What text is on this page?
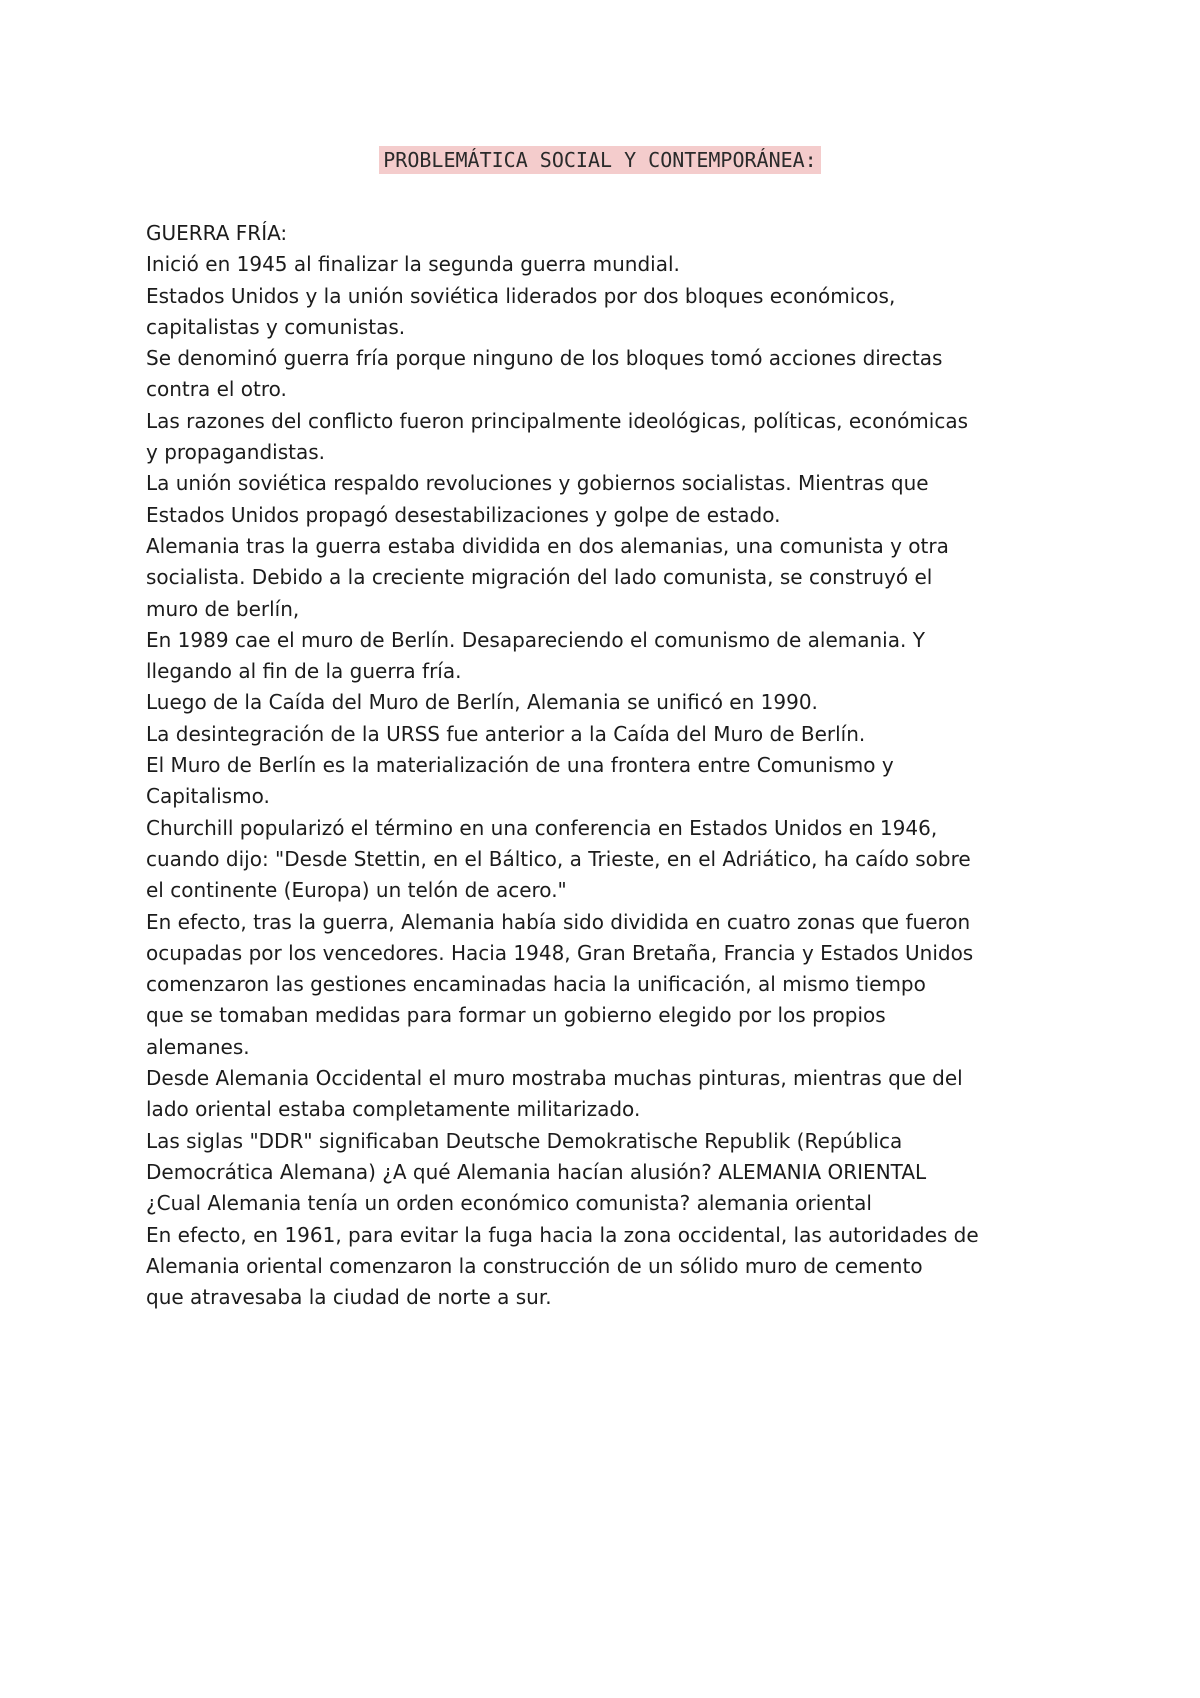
PROBLEMÁTICA SOCIAL Y CONTEMPORÁNEA:
GUERRA FRÍA:
Inició en 1945 al finalizar la segunda guerra mundial.
Estados Unidos y la unión soviética liderados por dos bloques económicos,
capitalistas y comunistas.
Se denominó guerra fría porque ninguno de los bloques tomó acciones directas
contra el otro.
Las razones del conflicto fueron principalmente ideológicas, políticas, económicas
y propagandistas.
La unión soviética respaldo revoluciones y gobiernos socialistas. Mientras que
Estados Unidos propagó desestabilizaciones y golpe de estado.
Alemania tras la guerra estaba dividida en dos alemanias, una comunista y otra
socialista. Debido a la creciente migración del lado comunista, se construyó el
muro de berlín,
En 1989 cae el muro de Berlín. Desapareciendo el comunismo de alemania. Y
llegando al fin de la guerra fría.
Luego de la Caída del Muro de Berlín, Alemania se unificó en 1990.
La desintegración de la URSS fue anterior a la Caída del Muro de Berlín.
El Muro de Berlín es la materialización de una frontera entre Comunismo y
Capitalismo.
Churchill popularizó el término en una conferencia en Estados Unidos en 1946,
cuando dijo: "Desde Stettin, en el Báltico, a Trieste, en el Adriático, ha caído sobre
el continente (Europa) un telón de acero."
En efecto, tras la guerra, Alemania había sido dividida en cuatro zonas que fueron
ocupadas por los vencedores. Hacia 1948, Gran Bretaña, Francia y Estados Unidos
comenzaron las gestiones encaminadas hacia la unificación, al mismo tiempo
que se tomaban medidas para formar un gobierno elegido por los propios
alemanes.
Desde Alemania Occidental el muro mostraba muchas pinturas, mientras que del
lado oriental estaba completamente militarizado.
Las siglas "DDR" significaban Deutsche Demokratische Republik (República
Democrática Alemana) ¿A qué Alemania hacían alusión? ALEMANIA ORIENTAL
¿Cual Alemania tenía un orden económico comunista? alemania oriental
En efecto, en 1961, para evitar la fuga hacia la zona occidental, las autoridades de
Alemania oriental comenzaron la construcción de un sólido muro de cemento
que atravesaba la ciudad de norte a sur.
